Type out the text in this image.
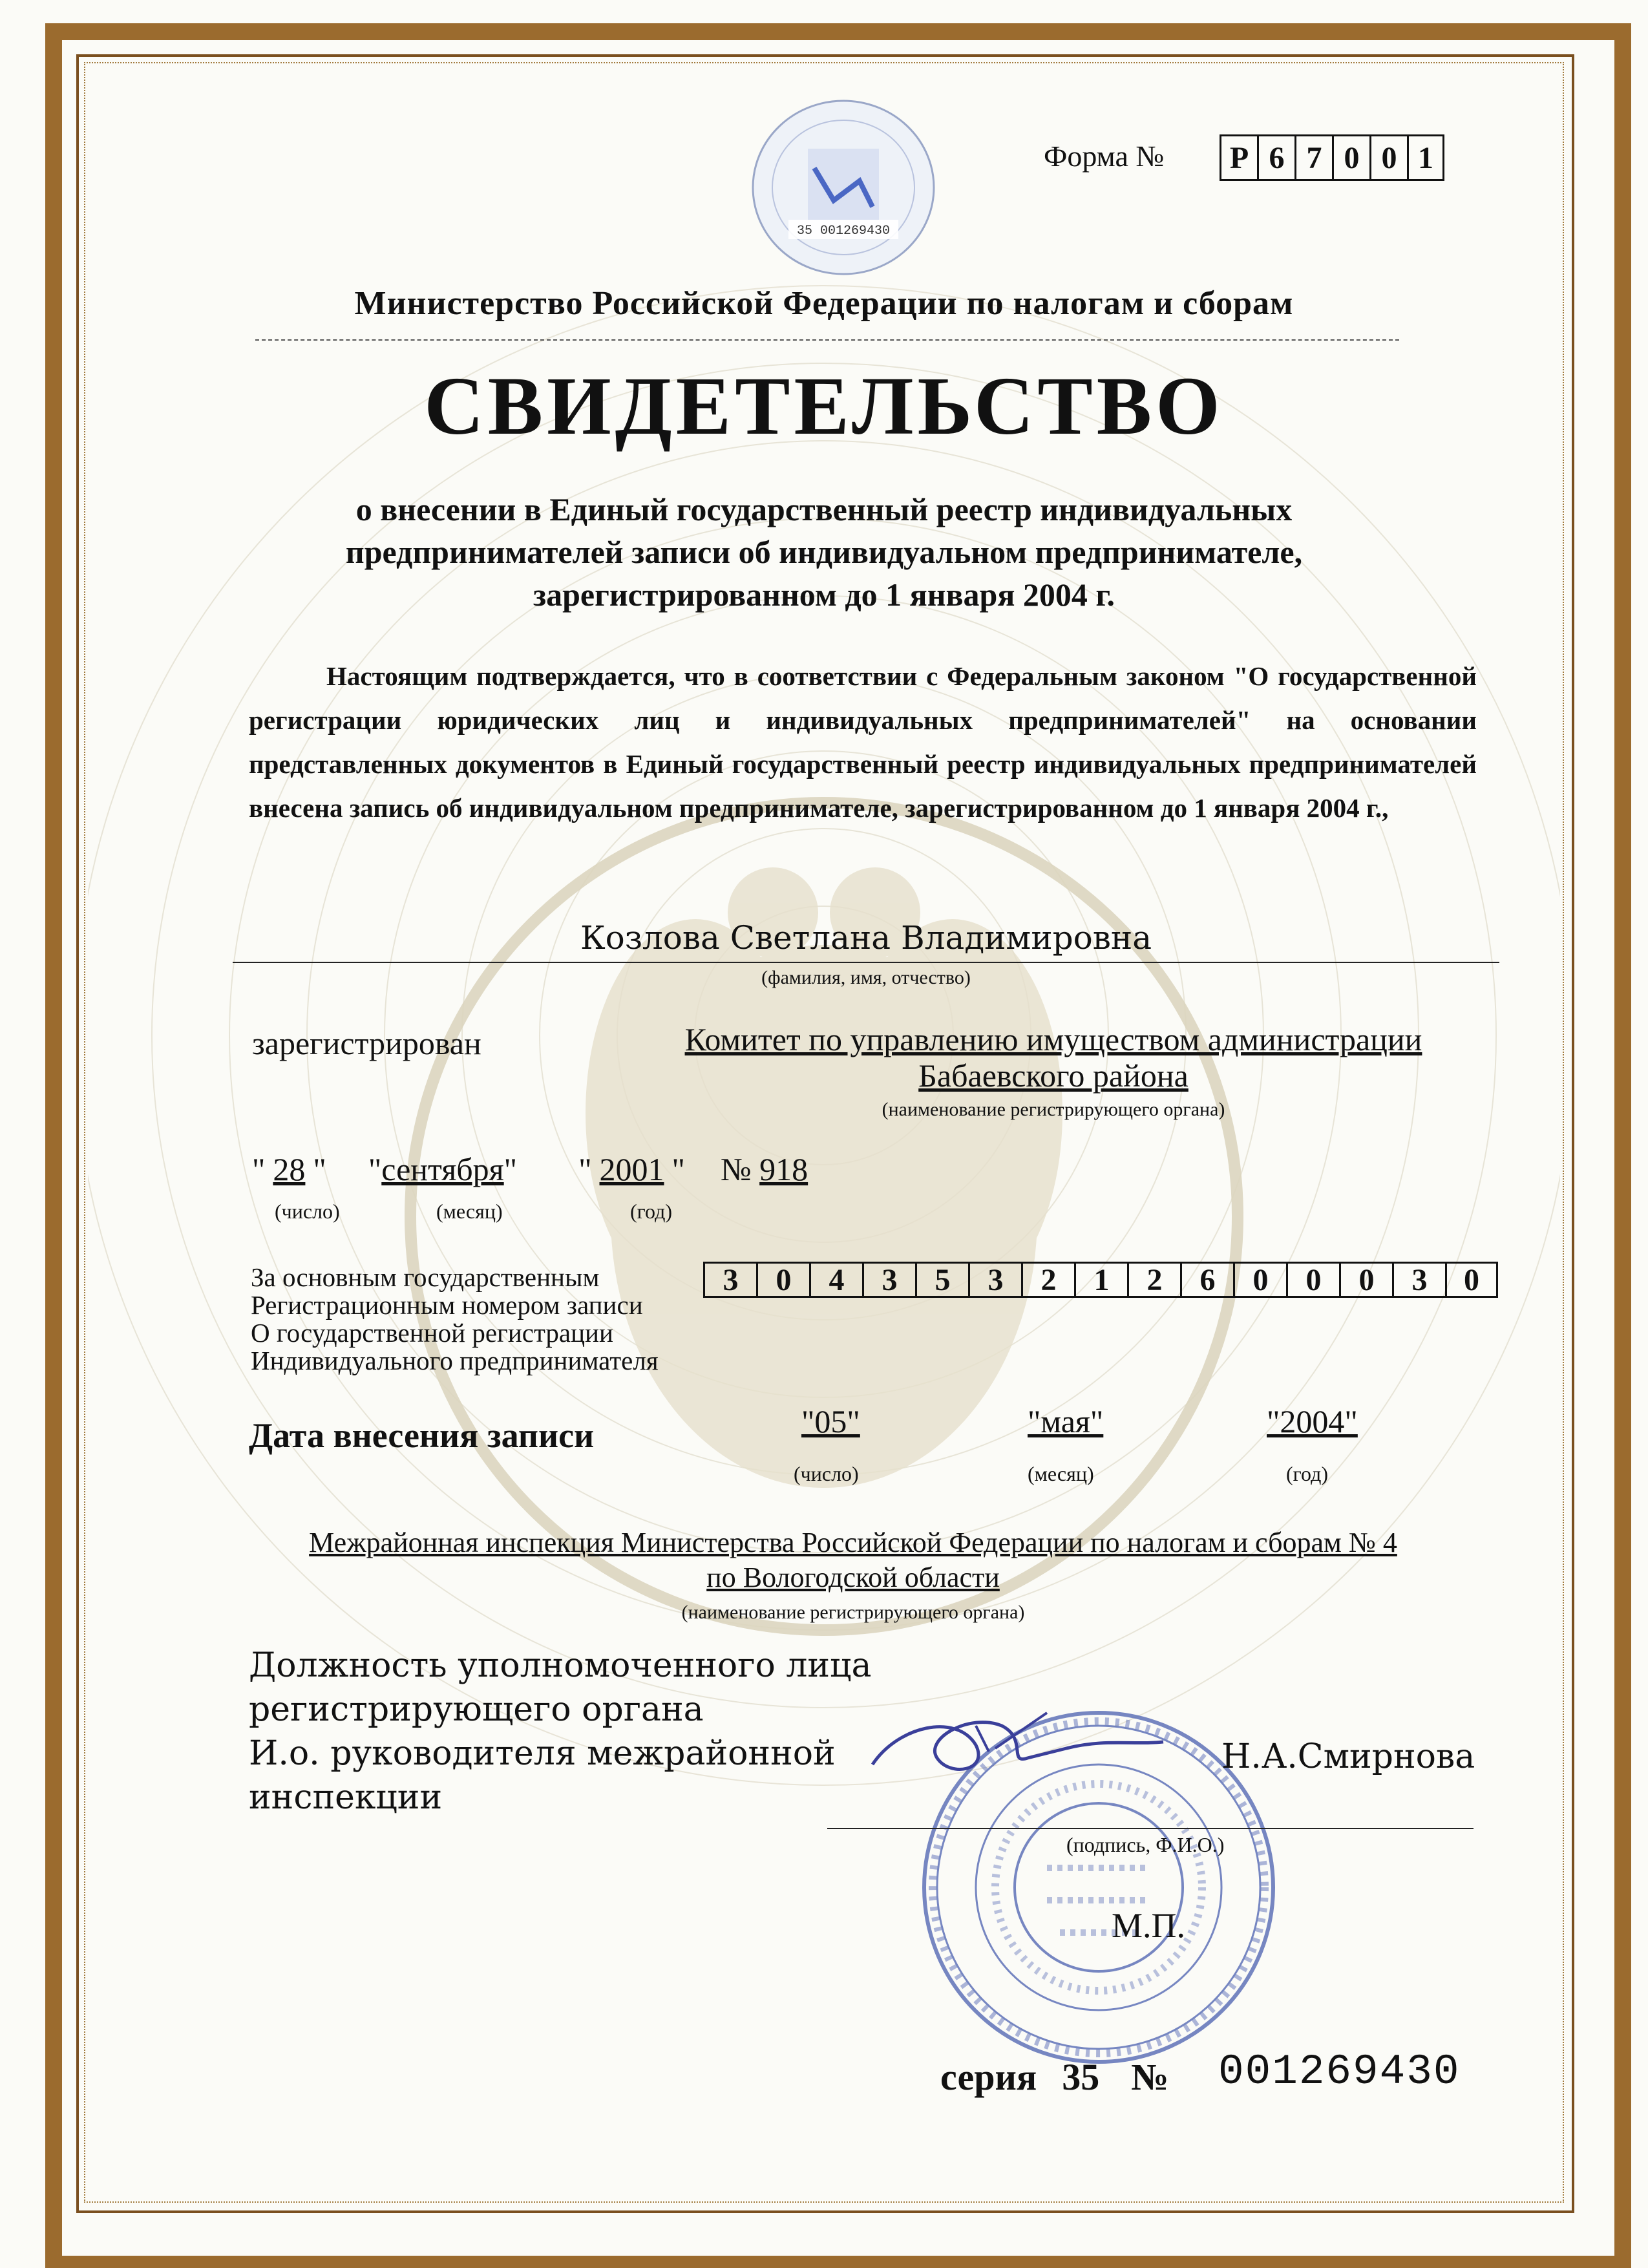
35 001269430
Форма №	Р 6 7 0 0 1
Министерство Российской Федерации по налогам и сборам
СВИДЕТЕЛЬСТВО
о внесении в Единый государственный реестр индивидуальных
предпринимателей записи об индивидуальном предпринимателе,
зарегистрированном до 1 января 2004 г.
Настоящим подтверждается, что в соответствии с Федеральным законом "О государственной регистрации юридических лиц и индивидуальных предпринимателей" на основании представленных документов в Единый государственный реестр индивидуальных предпринимателей внесена запись об индивидуальном предпринимателе, зарегистрированном до 1 января 2004 г.,
Козлова Светлана Владимировна
(фамилия, имя, отчество)
зарегистрирован	Комитет по управлению имуществом администрации
Бабаевского района
(наименование регистрирующего органа)
" 28 " "сентября" " 2001 " № 918
(число)	(месяц)	(год)
За основным государственным
Регистрационным номером записи
О государственной регистрации
Индивидуального предпринимателя
3	0	4	3	5	3	2	1	2	6	0	0	0	3	0
Дата внесения записи	"05"	"мая"	"2004"
(число)	(месяц)	(год)
Межрайонная инспекция Министерства Российской Федерации по налогам и сборам № 4
по Вологодской области
(наименование регистрирующего органа)
Должность уполномоченного лица
регистрирующего органа
И.о. руководителя межрайонной
инспекции
Н.А.Смирнова
(подпись, Ф.И.О.)
М.П.
серия 35 № 001269430
